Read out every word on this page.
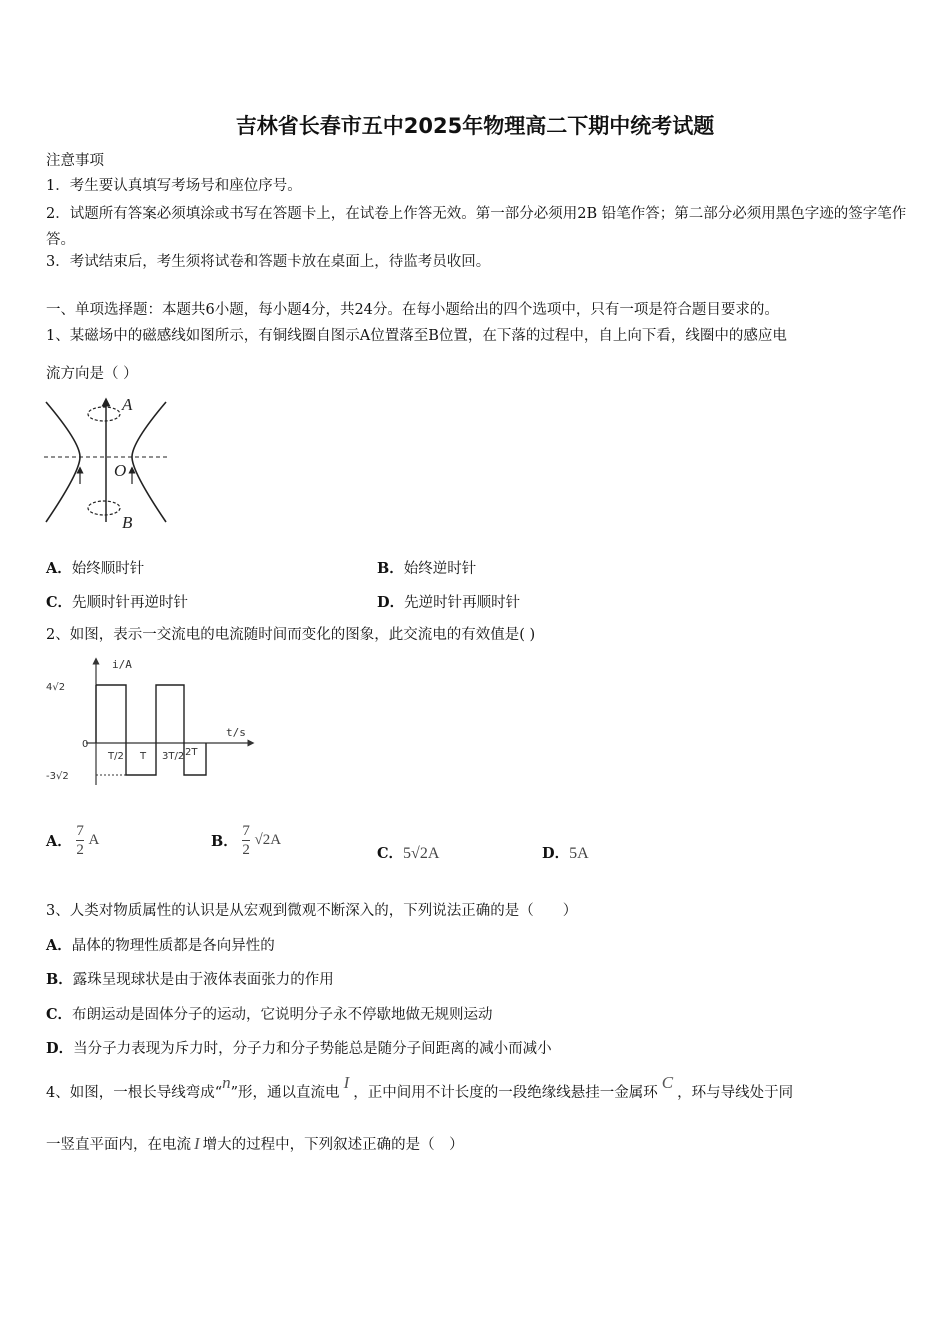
吉林省长春市五中2025年物理高二下期中统考试题
注意事项
1．考生要认真填写考场号和座位序号。
2．试题所有答案必须填涂或书写在答题卡上，在试卷上作答无效。第一部分必须用2B 铅笔作答；第二部分必须用黑色字迹的签字笔作答。
3．考试结束后，考生须将试卷和答题卡放在桌面上，待监考员收回。
一、单项选择题：本题共6小题，每小题4分，共24分。在每小题给出的四个选项中，只有一项是符合题目要求的。
1、某磁场中的磁感线如图所示，有铜线圈自图示A位置落至B位置，在下落的过程中，自上向下看，线圈中的感应电
流方向是（ ）
A
O
B
A．始终顺时针	B．始终逆时针
C．先顺时针再逆时针	D．先逆时针再顺时针
2、如图，表示一交流电的电流随时间而变化的图象，此交流电的有效值是( )
i/A
t/s
4√2
0
-3√2
T/2 T 3T/2 2T
A． $\frac{7}{2}$ A	B． $\frac{7}{2} √2A$
C．5√2A	D．5A
3、人类对物质属性的认识是从宏观到微观不断深入的，下列说法正确的是（　　）
A．晶体的物理性质都是各向异性的
B．露珠呈现球状是由于液体表面张力的作用
C．布朗运动是固体分子的运动，它说明分子永不停歇地做无规则运动
D．当分子力表现为斥力时，分子力和分子势能总是随分子间距离的减小而减小
4、如图，一根长导线弯成“n”形，通以直流电I，正中间用不计长度的一段绝缘线悬挂一金属环C，环与导线处于同
一竖直平面内，在电流 I 增大的过程中，下列叙述正确的是（　）
